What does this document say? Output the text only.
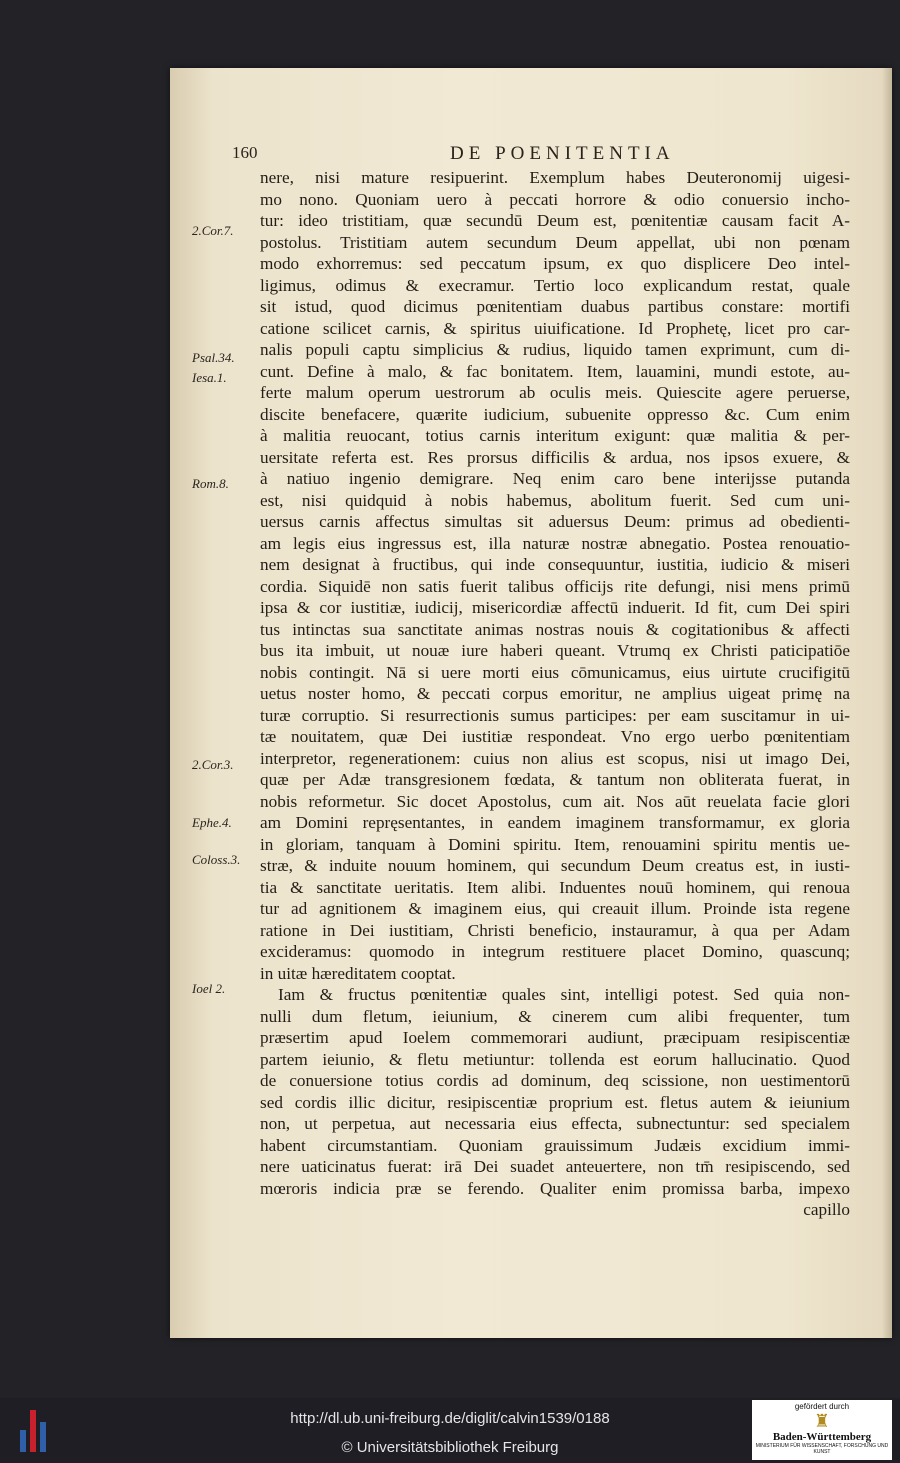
160	DE POENITENTIA
2.Cor.7.
Psal.34.
Iesa.1.
Rom.8.
2.Cor.3.
Ephe.4.
Coloss.3.
Ioel 2.
nere, nisi mature resipuerint. Exemplum habes Deuteronomij uigesi-
mo nono. Quoniam uero à peccati horrore & odio conuersio incho-
tur: ideo tristitiam, quæ secundū Deum est, pœnitentiæ causam facit A-
postolus. Tristitiam autem secundum Deum appellat, ubi non pœnam
modo exhorremus: sed peccatum ipsum, ex quo displicere Deo intel-
ligimus, odimus & execramur. Tertio loco explicandum restat, quale
sit istud, quod dicimus pœnitentiam duabus partibus constare: mortifi
catione scilicet carnis, & spiritus uiuificatione. Id Prophetę, licet pro car-
nalis populi captu simplicius & rudius, liquido tamen exprimunt, cum di-
cunt. Define à malo, & fac bonitatem. Item, lauamini, mundi estote, au-
ferte malum operum uestrorum ab oculis meis. Quiescite agere peruerse,
discite benefacere, quærite iudicium, subuenite oppresso &c. Cum enim
à malitia reuocant, totius carnis interitum exigunt: quæ malitia & per-
uersitate referta est. Res prorsus difficilis & ardua, nos ipsos exuere, &
à natiuo ingenio demigrare. Neq enim caro bene interijsse putanda
est, nisi quidquid à nobis habemus, abolitum fuerit. Sed cum uni-
uersus carnis affectus simultas sit aduersus Deum: primus ad obedienti-
am legis eius ingressus est, illa naturæ nostræ abnegatio. Postea renouatio-
nem designat à fructibus, qui inde consequuntur, iustitia, iudicio & miseri
cordia. Siquidē non satis fuerit talibus officijs rite defungi, nisi mens primū
ipsa & cor iustitiæ, iudicij, misericordiæ affectū induerit. Id fit, cum Dei spiri
tus intinctas sua sanctitate animas nostras nouis & cogitationibus & affecti
bus ita imbuit, ut nouæ iure haberi queant. Vtrumq ex Christi paticipatiōe
nobis contingit. Nā si uere morti eius cōmunicamus, eius uirtute crucifigitū
uetus noster homo, & peccati corpus emoritur, ne amplius uigeat primę na
turæ corruptio. Si resurrectionis sumus participes: per eam suscitamur in ui-
tæ nouitatem, quæ Dei iustitiæ respondeat. Vno ergo uerbo pœnitentiam
interpretor, regenerationem: cuius non alius est scopus, nisi ut imago Dei,
quæ per Adæ transgresionem fœdata, & tantum non obliterata fuerat, in
nobis reformetur. Sic docet Apostolus, cum ait. Nos aūt reuelata facie glori
am Domini repręsentantes, in eandem imaginem transformamur, ex gloria
in gloriam, tanquam à Domini spiritu. Item, renouamini spiritu mentis ue-
stræ, & induite nouum hominem, qui secundum Deum creatus est, in iusti-
tia & sanctitate ueritatis. Item alibi. Induentes nouū hominem, qui renoua
tur ad agnitionem & imaginem eius, qui creauit illum. Proinde ista regene
ratione in Dei iustitiam, Christi beneficio, instauramur, à qua per Adam
excideramus: quomodo in integrum restituere placet Domino, quascunq;
in uitæ hæreditatem cooptat.
Iam & fructus pœnitentiæ quales sint, intelligi potest. Sed quia non-
nulli dum fletum, ieiunium, & cinerem cum alibi frequenter, tum
præsertim apud Ioelem commemorari audiunt, præcipuam resipiscentiæ
partem ieiunio, & fletu metiuntur: tollenda est eorum hallucinatio. Quod
de conuersione totius cordis ad dominum, deq scissione, non uestimentorū
sed cordis illic dicitur, resipiscentiæ proprium est. fletus autem & ieiunium
non, ut perpetua, aut necessaria eius effecta, subnectuntur: sed specialem
habent circumstantiam. Quoniam grauissimum Judæis excidium immi-
nere uaticinatus fuerat: irā Dei suadet anteuertere, non tm̄ resipiscendo, sed
mœroris indicia præ se ferendo. Qualiter enim promissa barba, impexo
capillo
http://dl.ub.uni-freiburg.de/diglit/calvin1539/0188
© Universitätsbibliothek Freiburg
gefördert durch
♜
Baden-Württemberg
MINISTERIUM FÜR WISSENSCHAFT, FORSCHUNG UND KUNST
